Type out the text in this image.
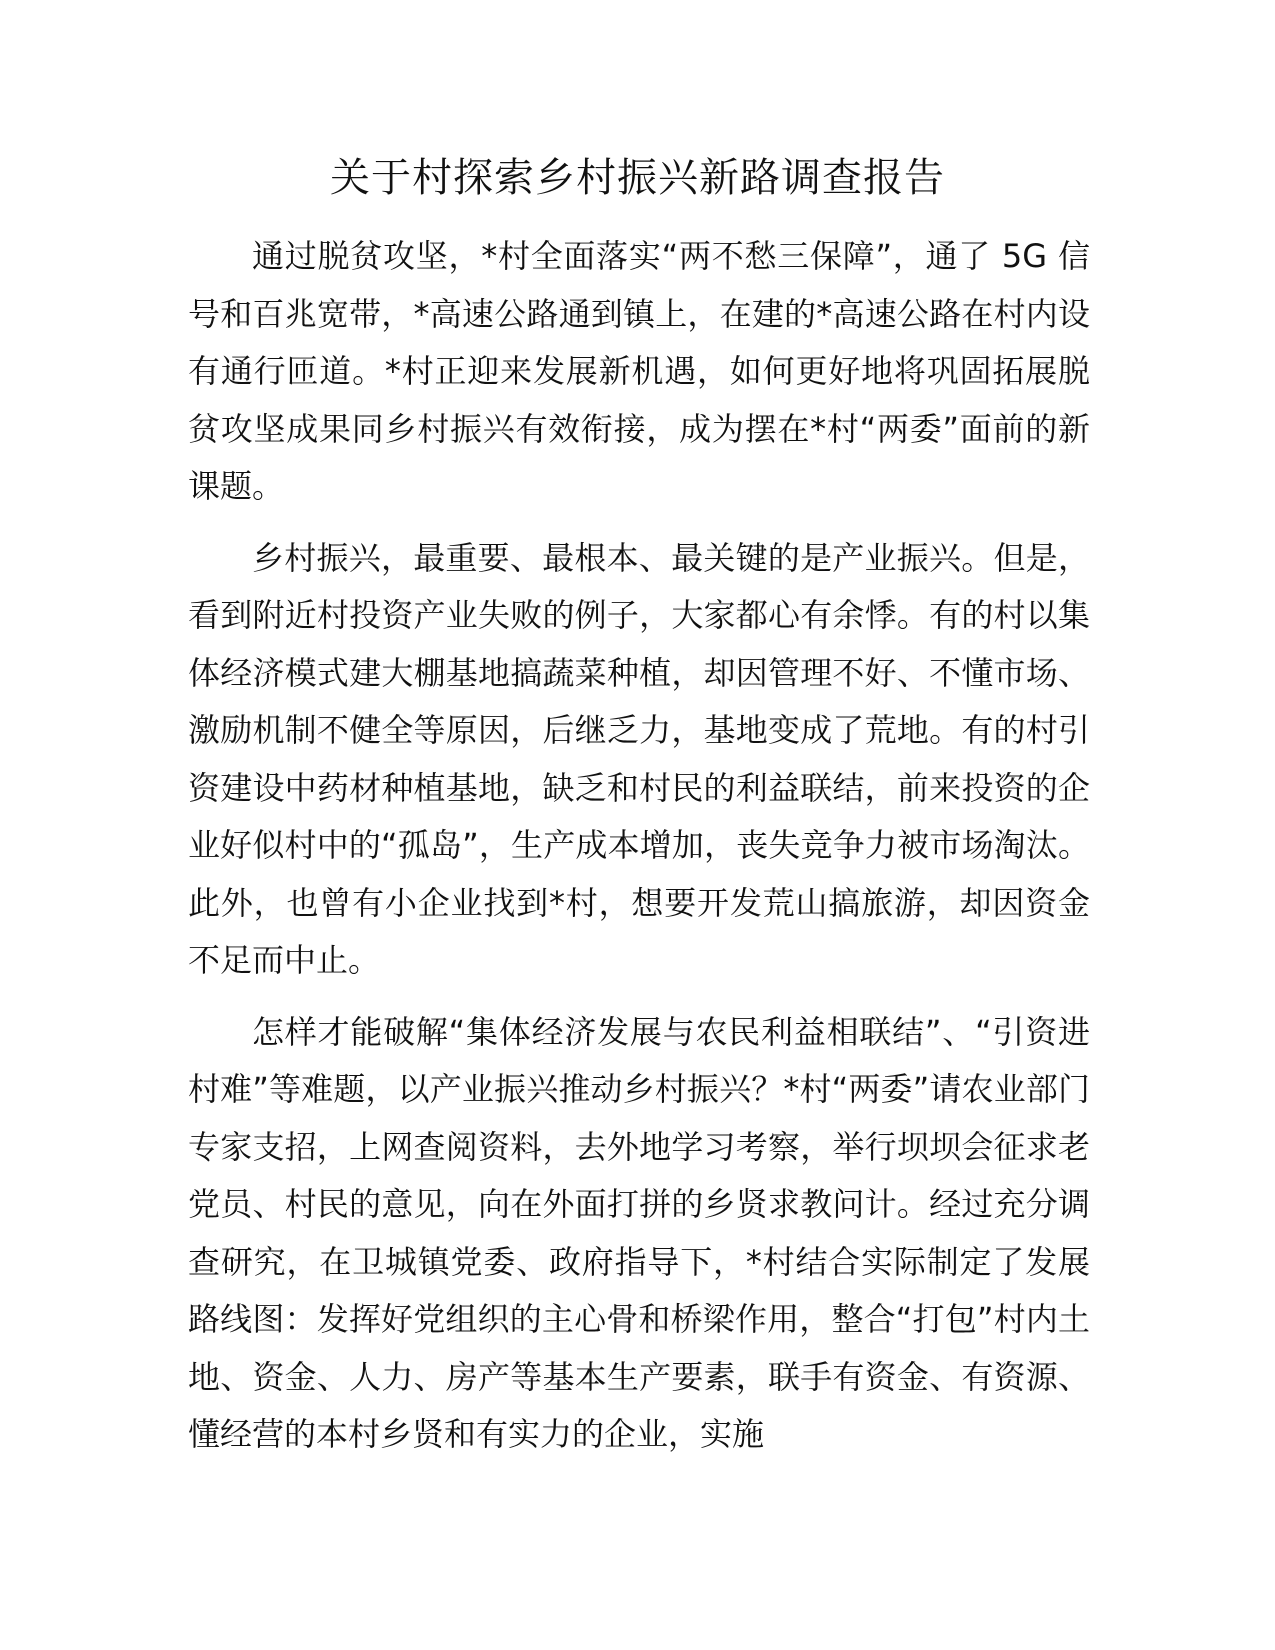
关于村探索乡村振兴新路调查报告

通过脱贫攻坚，*村全面落实“两不愁三保障”，通了 5G 信号和百兆宽带，*高速公路通到镇上，在建的*高速公路在村内设有通行匝道。*村正迎来发展新机遇，如何更好地将巩固拓展脱贫攻坚成果同乡村振兴有效衔接，成为摆在*村“两委”面前的新课题。

乡村振兴，最重要、最根本、最关键的是产业振兴。但是，看到附近村投资产业失败的例子，大家都心有余悸。有的村以集体经济模式建大棚基地搞蔬菜种植，却因管理不好、不懂市场、激励机制不健全等原因，后继乏力，基地变成了荒地。有的村引资建设中药材种植基地，缺乏和村民的利益联结，前来投资的企业好似村中的“孤岛”，生产成本增加，丧失竞争力被市场淘汰。此外，也曾有小企业找到*村，想要开发荒山搞旅游，却因资金不足而中止。

怎样才能破解“集体经济发展与农民利益相联结”、“引资进村难”等难题，以产业振兴推动乡村振兴？*村“两委”请农业部门专家支招，上网查阅资料，去外地学习考察，举行坝坝会征求老党员、村民的意见，向在外面打拼的乡贤求教问计。经过充分调查研究，在卫城镇党委、政府指导下，*村结合实际制定了发展路线图：发挥好党组织的主心骨和桥梁作用，整合“打包”村内土地、资金、人力、房产等基本生产要素，联手有资金、有资源、懂经营的本村乡贤和有实力的企业，实施
